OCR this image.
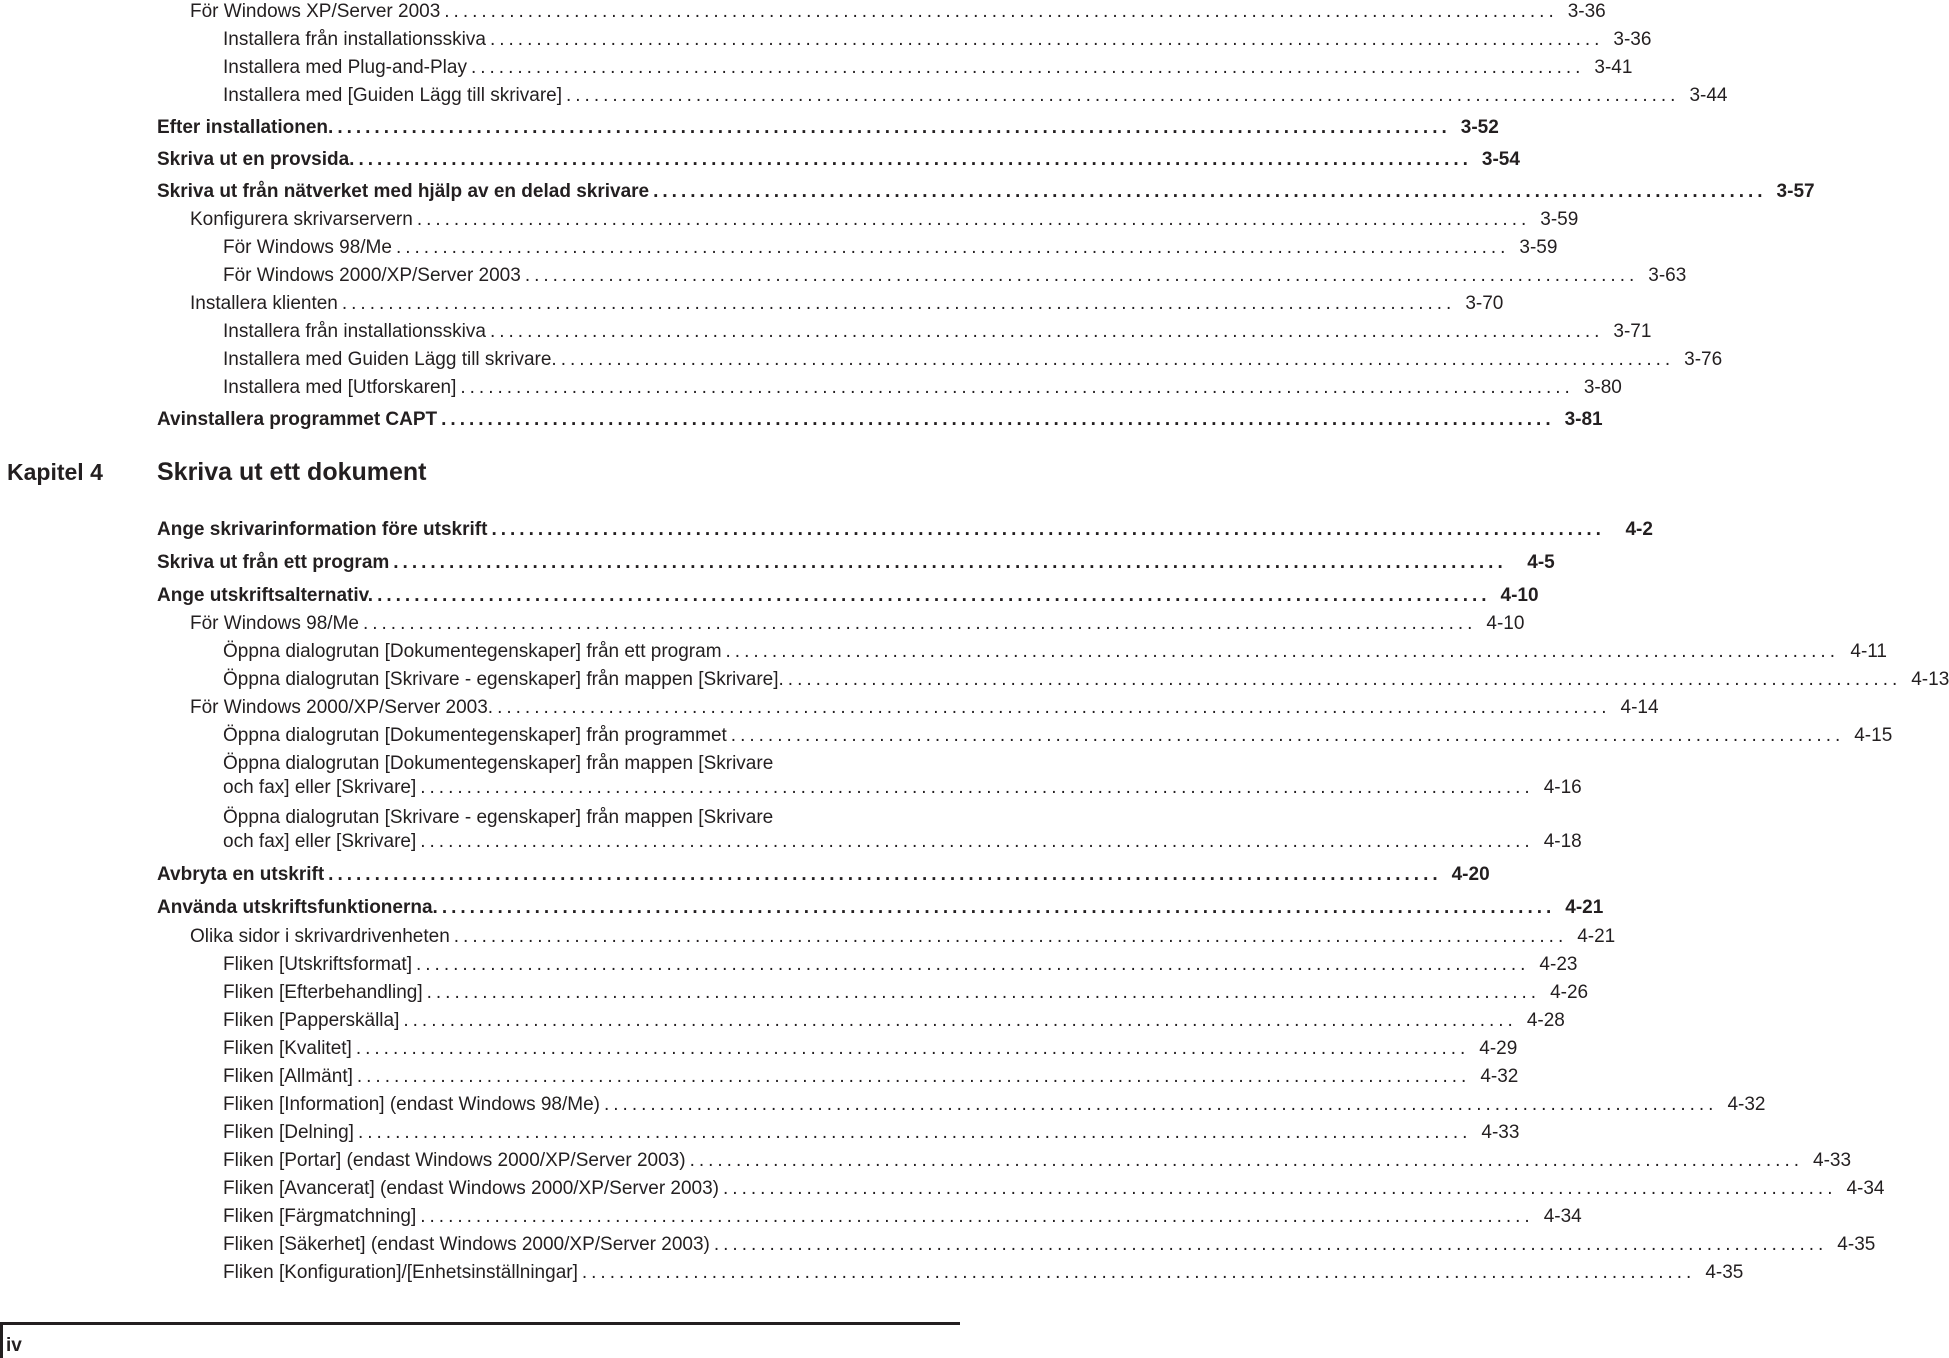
För Windows XP/Server 2003 ........................................................................................................................ 3-36
Installera från installationsskiva ........................................................................................................................ 3-36
Installera med Plug-and-Play ........................................................................................................................ 3-41
Installera med [Guiden Lägg till skrivare] ........................................................................................................................ 3-44
Efter installationen. ........................................................................................................................ 3-52
Skriva ut en provsida. ........................................................................................................................ 3-54
Skriva ut från nätverket med hjälp av en delad skrivare ........................................................................................................................ 3-57
Konfigurera skrivarservern ........................................................................................................................ 3-59
För Windows 98/Me ........................................................................................................................ 3-59
För Windows 2000/XP/Server 2003 ........................................................................................................................ 3-63
Installera klienten ........................................................................................................................ 3-70
Installera från installationsskiva ........................................................................................................................ 3-71
Installera med Guiden Lägg till skrivare. ........................................................................................................................ 3-76
Installera med [Utforskaren] ........................................................................................................................ 3-80
Avinstallera programmet CAPT ........................................................................................................................ 3-81
Kapitel 4 Skriva ut ett dokument
Ange skrivarinformation före utskrift ........................................................................................................................	4-2
Skriva ut från ett program ........................................................................................................................	4-5
Ange utskriftsalternativ. ........................................................................................................................ 4-10
För Windows 98/Me ........................................................................................................................ 4-10
Öppna dialogrutan [Dokumentegenskaper] från ett program ........................................................................................................................ 4-11
Öppna dialogrutan [Skrivare - egenskaper] från mappen [Skrivare]. ........................................................................................................................ 4-13
För Windows 2000/XP/Server 2003. ........................................................................................................................ 4-14
Öppna dialogrutan [Dokumentegenskaper] från programmet ........................................................................................................................ 4-15
Öppna dialogrutan [Dokumentegenskaper] från mappen [Skrivare
och fax] eller [Skrivare] ........................................................................................................................ 4-16
Öppna dialogrutan [Skrivare - egenskaper] från mappen [Skrivare
och fax] eller [Skrivare] ........................................................................................................................ 4-18
Avbryta en utskrift ........................................................................................................................ 4-20
Använda utskriftsfunktionerna. ........................................................................................................................ 4-21
Olika sidor i skrivardrivenheten ........................................................................................................................ 4-21
Fliken [Utskriftsformat] ........................................................................................................................ 4-23
Fliken [Efterbehandling] ........................................................................................................................ 4-26
Fliken [Papperskälla] ........................................................................................................................ 4-28
Fliken [Kvalitet] ........................................................................................................................ 4-29
Fliken [Allmänt] ........................................................................................................................ 4-32
Fliken [Information] (endast Windows 98/Me) ........................................................................................................................ 4-32
Fliken [Delning] ........................................................................................................................ 4-33
Fliken [Portar] (endast Windows 2000/XP/Server 2003) ........................................................................................................................ 4-33
Fliken [Avancerat] (endast Windows 2000/XP/Server 2003) ........................................................................................................................ 4-34
Fliken [Färgmatchning] ........................................................................................................................ 4-34
Fliken [Säkerhet] (endast Windows 2000/XP/Server 2003) ........................................................................................................................ 4-35
Fliken [Konfiguration]/[Enhetsinställningar] ........................................................................................................................ 4-35
iv
